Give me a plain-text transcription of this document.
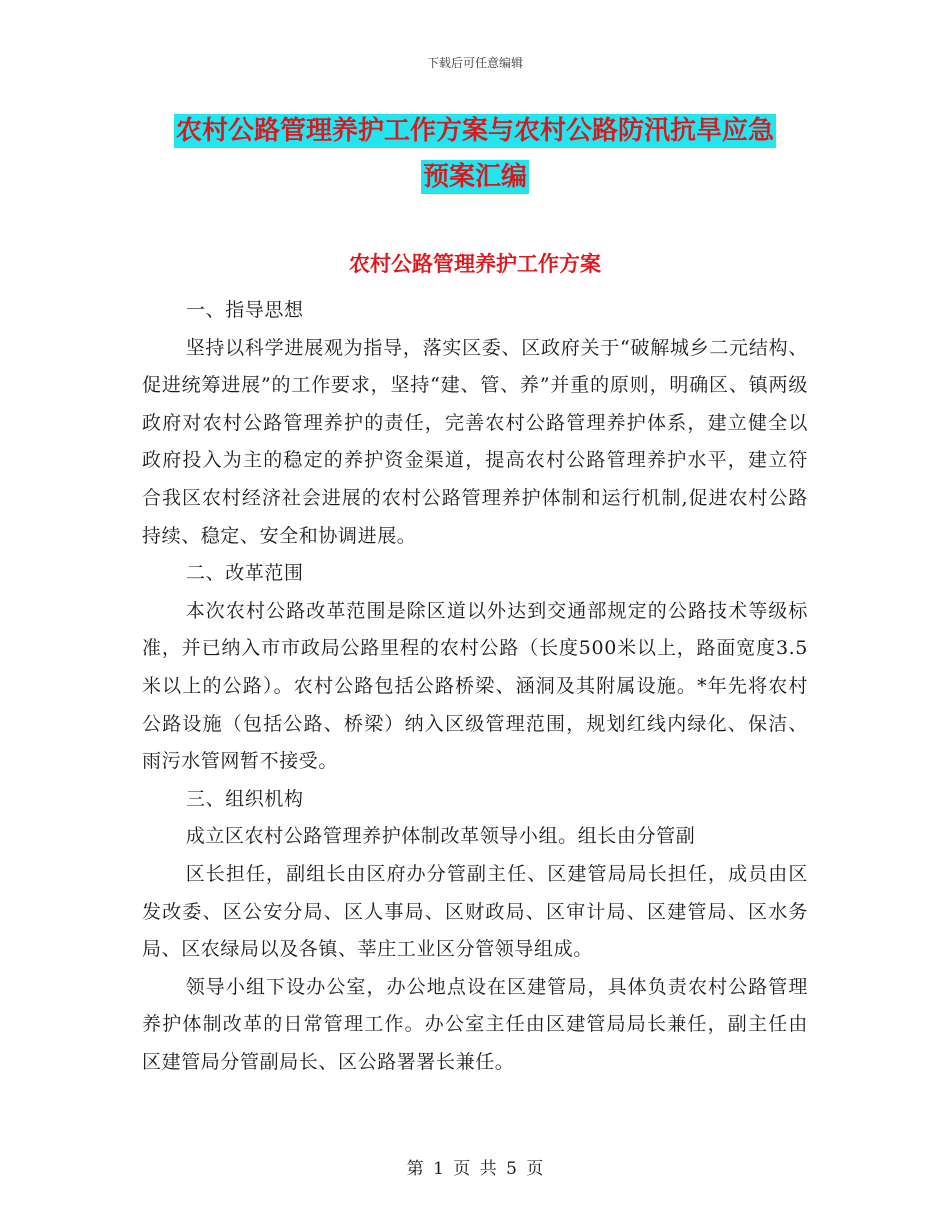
下载后可任意编辑
农村公路管理养护工作方案与农村公路防汛抗旱应急
预案汇编
农村公路管理养护工作方案

一、指导思想

坚持以科学进展观为指导，落实区委、区政府关于“破解城乡二元结构、促进统筹进展”的工作要求，坚持“建、管、养”并重的原则，明确区、镇两级政府对农村公路管理养护的责任，完善农村公路管理养护体系，建立健全以政府投入为主的稳定的养护资金渠道，提高农村公路管理养护水平，建立符合我区农村经济社会进展的农村公路管理养护体制和运行机制,促进农村公路持续、稳定、安全和协调进展。

二、改革范围

本次农村公路改革范围是除区道以外达到交通部规定的公路技术等级标准，并已纳入市市政局公路里程的农村公路（长度500米以上，路面宽度3.5米以上的公路）。农村公路包括公路桥梁、涵洞及其附属设施。*年先将农村公路设施（包括公路、桥梁）纳入区级管理范围，规划红线内绿化、保洁、雨污水管网暂不接受。

三、组织机构

成立区农村公路管理养护体制改革领导小组。组长由分管副

区长担任，副组长由区府办分管副主任、区建管局局长担任，成员由区发改委、区公安分局、区人事局、区财政局、区审计局、区建管局、区水务局、区农绿局以及各镇、莘庄工业区分管领导组成。

领导小组下设办公室，办公地点设在区建管局，具体负责农村公路管理养护体制改革的日常管理工作。办公室主任由区建管局局长兼任，副主任由区建管局分管副局长、区公路署署长兼任。

第 1 页 共 5 页
